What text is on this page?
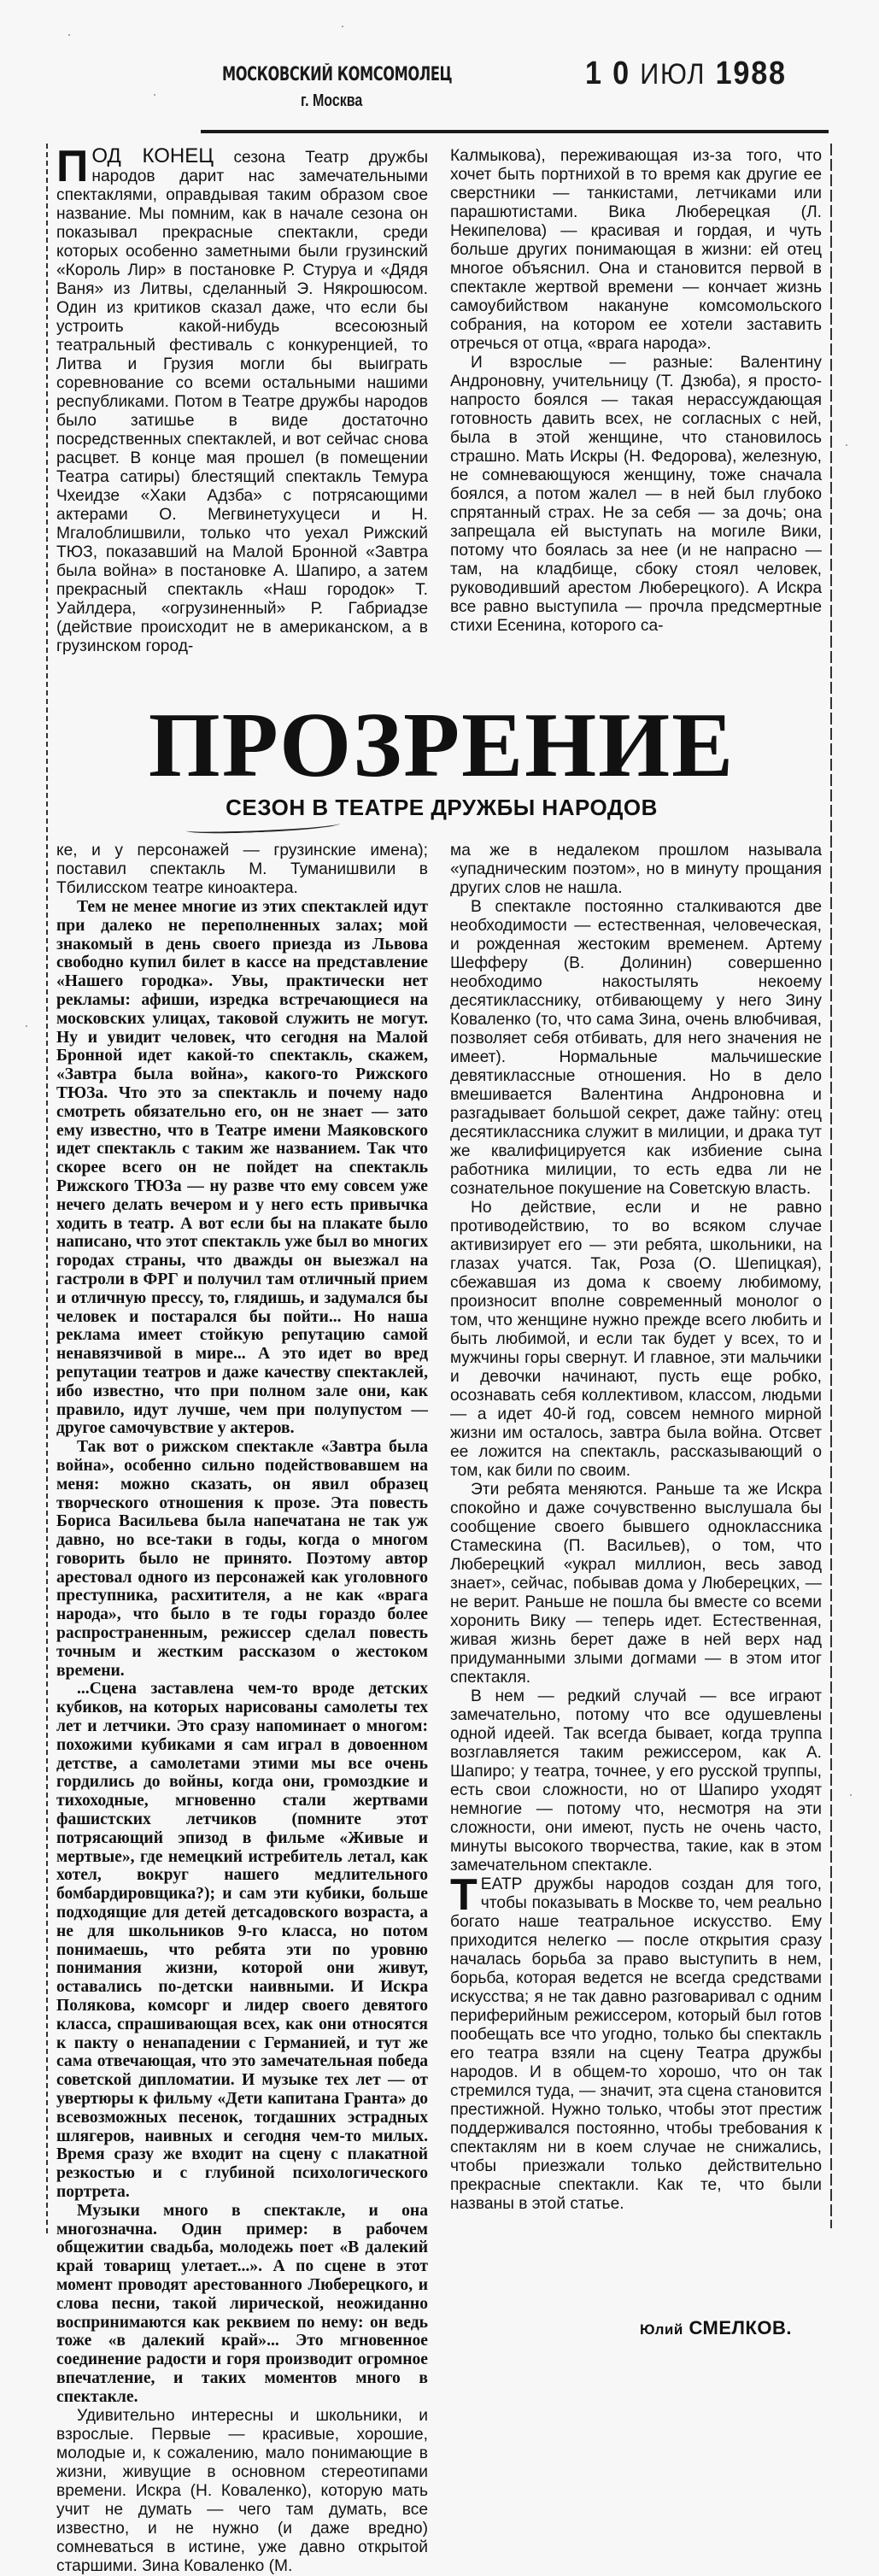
МОСКОВСКИЙ КОМСОМОЛЕЦ
г. Москва
1 0 ИЮЛ 1988

ПОД КОНЕЦ сезона Театр дружбы народов дарит нас замечательными спектаклями, оправдывая таким образом свое название. Мы помним, как в начале сезона он показывал прекрасные спектакли, среди которых особенно заметными были грузинский «Король Лир» в постановке Р. Стуруа и «Дядя Ваня» из Литвы, сделанный Э. Някрошюсом. Один из критиков сказал даже, что если бы устроить какой-нибудь всесоюзный театральный фестиваль с конкуренцией, то Литва и Грузия могли бы выиграть соревнование со всеми остальными нашими республиками. Потом в Театре дружбы народов было затишье в виде достаточно посредственных спектаклей, и вот сейчас снова расцвет. В конце мая прошел (в помещении Театра сатиры) блестящий спектакль Темура Чхеидзе «Хаки Адзба» с потрясающими актерами О. Мегвинетухуцеси и Н. Мгалоблишвили, только что уехал Рижский ТЮЗ, показавший на Малой Бронной «Завтра была война» в постановке А. Шапиро, а затем прекрасный спектакль «Наш городок» Т. Уайлдера, «огрузиненный» Р. Габриадзе (действие происходит не в американском, а в грузинском город-

Калмыкова), переживающая из-за того, что хочет быть портнихой в то время как другие ее сверстники — танкистами, летчиками или парашютистами. Вика Люберецкая (Л. Некипелова) — красивая и гордая, и чуть больше других понимающая в жизни: ей отец многое объяснил. Она и становится первой в спектакле жертвой времени — кончает жизнь самоубийством накануне комсомольского собрания, на котором ее хотели заставить отречься от отца, «врага народа».

И взрослые — разные: Валентину Андроновну, учительницу (Т. Дзюба), я просто-напросто боялся — такая нерассуждающая готовность давить всех, не согласных с ней, была в этой женщине, что становилось страшно. Мать Искры (Н. Федорова), железную, не сомневающуюся женщину, тоже сначала боялся, а потом жалел — в ней был глубоко спрятанный страх. Не за себя — за дочь; она запрещала ей выступать на могиле Вики, потому что боялась за нее (и не напрасно — там, на кладбище, сбоку стоял человек, руководивший арестом Люберецкого). А Искра все равно выступила — прочла предсмертные стихи Есенина, которого са-

ПРОЗРЕНИЕ
СЕЗОН В ТЕАТРЕ ДРУЖБЫ НАРОДОВ

ке, и у персонажей — грузинские имена); поставил спектакль М. Туманишвили в Тбилисском театре киноактера.

Тем не менее многие из этих спектаклей идут при далеко не переполненных залах; мой знакомый в день своего приезда из Львова свободно купил билет в кассе на представление «Нашего городка». Увы, практически нет рекламы: афиши, изредка встречающиеся на московских улицах, таковой служить не могут. Ну и увидит человек, что сегодня на Малой Бронной идет какой-то спектакль, скажем, «Завтра была война», какого-то Рижского ТЮЗа. Что это за спектакль и почему надо смотреть обязательно его, он не знает — зато ему известно, что в Театре имени Маяковского идет спектакль с таким же названием. Так что скорее всего он не пойдет на спектакль Рижского ТЮЗа — ну разве что ему совсем уже нечего делать вечером и у него есть привычка ходить в театр. А вот если бы на плакате было написано, что этот спектакль уже был во многих городах страны, что дважды он выезжал на гастроли в ФРГ и получил там отличный прием и отличную прессу, то, глядишь, и задумался бы человек и постарался бы пойти... Но наша реклама имеет стойкую репутацию самой ненавязчивой в мире... А это идет во вред репутации театров и даже качеству спектаклей, ибо известно, что при полном зале они, как правило, идут лучше, чем при полупустом — другое самочувствие у актеров.

Так вот о рижском спектакле «Завтра была война», особенно сильно подействовавшем на меня: можно сказать, он явил образец творческого отношения к прозе. Эта повесть Бориса Васильева была напечатана не так уж давно, но все-таки в годы, когда о многом говорить было не принято. Поэтому автор арестовал одного из персонажей как уголовного преступника, расхитителя, а не как «врага народа», что было в те годы гораздо более распространенным, режиссер сделал повесть точным и жестким рассказом о жестоком времени.

...Сцена заставлена чем-то вроде детских кубиков, на которых нарисованы самолеты тех лет и летчики. Это сразу напоминает о многом: похожими кубиками я сам играл в довоенном детстве, а самолетами этими мы все очень гордились до войны, когда они, громоздкие и тихоходные, мгновенно стали жертвами фашистских летчиков (помните этот потрясающий эпизод в фильме «Живые и мертвые», где немецкий истребитель летал, как хотел, вокруг нашего медлительного бомбардировщика?); и сам эти кубики, больше подходящие для детей детсадовского возраста, а не для школьников 9-го класса, но потом понимаешь, что ребята эти по уровню понимания жизни, которой они живут, оставались по-детски наивными. И Искра Полякова, комсорг и лидер своего девятого класса, спрашивающая всех, как они относятся к пакту о ненападении с Германией, и тут же сама отвечающая, что это замечательная победа советской дипломатии. И музыке тех лет — от увертюры к фильму «Дети капитана Гранта» до всевозможных песенок, тогдашних эстрадных шлягеров, наивных и сегодня чем-то милых. Время сразу же входит на сцену с плакатной резкостью и с глубиной психологического портрета.

Музыки много в спектакле, и она многозначна. Один пример: в рабочем общежитии свадьба, молодежь поет «В далекий край товарищ улетает...». А по сцене в этот момент проводят арестованного Люберецкого, и слова песни, такой лирической, неожиданно воспринимаются как реквием по нему: он ведь тоже «в далекий край»... Это мгновенное соединение радости и горя производит огромное впечатление, и таких моментов много в спектакле.

Удивительно интересны и школьники, и взрослые. Первые — красивые, хорошие, молодые и, к сожалению, мало понимающие в жизни, живущие в основном стереотипами времени. Искра (Н. Коваленко), которую мать учит не думать — чего там думать, все известно, и не нужно (и даже вредно) сомневаться в истине, уже давно открытой старшими. Зина Коваленко (М.

ма же в недалеком прошлом называла «упадническим поэтом», но в минуту прощания других слов не нашла.

В спектакле постоянно сталкиваются две необходимости — естественная, человеческая, и рожденная жестоким временем. Артему Шефферу (В. Долинин) совершенно необходимо накостылять некоему десятикласснику, отбивающему у него Зину Коваленко (то, что сама Зина, очень влюбчивая, позволяет себя отбивать, для него значения не имеет). Нормальные мальчишеские девятиклассные отношения. Но в дело вмешивается Валентина Андроновна и разгадывает большой секрет, даже тайну: отец десятиклассника служит в милиции, и драка тут же квалифицируется как избиение сына работника милиции, то есть едва ли не сознательное покушение на Советскую власть.

Но действие, если и не равно противодействию, то во всяком случае активизирует его — эти ребята, школьники, на глазах учатся. Так, Роза (О. Шепицкая), сбежавшая из дома к своему любимому, произносит вполне современный монолог о том, что женщине нужно прежде всего любить и быть любимой, и если так будет у всех, то и мужчины горы свернут. И главное, эти мальчики и девочки начинают, пусть еще робко, осознавать себя коллективом, классом, людьми — а идет 40-й год, совсем немного мирной жизни им осталось, завтра была война. Отсвет ее ложится на спектакль, рассказывающий о том, как били по своим.

Эти ребята меняются. Раньше та же Искра спокойно и даже сочувственно выслушала бы сообщение своего бывшего одноклассника Стамескина (П. Васильев), о том, что Люберецкий «украл миллион, весь завод знает», сейчас, побывав дома у Люберецких, — не верит. Раньше не пошла бы вместе со всеми хоронить Вику — теперь идет. Естественная, живая жизнь берет даже в ней верх над придуманными злыми догмами — в этом итог спектакля.

В нем — редкий случай — все играют замечательно, потому что все одушевлены одной идеей. Так всегда бывает, когда труппа возглавляется таким режиссером, как А. Шапиро; у театра, точнее, у его русской труппы, есть свои сложности, но от Шапиро уходят немногие — потому что, несмотря на эти сложности, они имеют, пусть не очень часто, минуты высокого творчества, такие, как в этом замечательном спектакле.

ТЕАТР дружбы народов создан для того, чтобы показывать в Москве то, чем реально богато наше театральное искусство. Ему приходится нелегко — после открытия сразу началась борьба за право выступить в нем, борьба, которая ведется не всегда средствами искусства; я не так давно разговаривал с одним периферийным режиссером, который был готов пообещать все что угодно, только бы спектакль его театра взяли на сцену Театра дружбы народов. И в общем-то хорошо, что он так стремился туда, — значит, эта сцена становится престижной. Нужно только, чтобы этот престиж поддерживался постоянно, чтобы требования к спектаклям ни в коем случае не снижались, чтобы приезжали только действительно прекрасные спектакли. Как те, что были названы в этой статье.

Юлий СМЕЛКОВ.
